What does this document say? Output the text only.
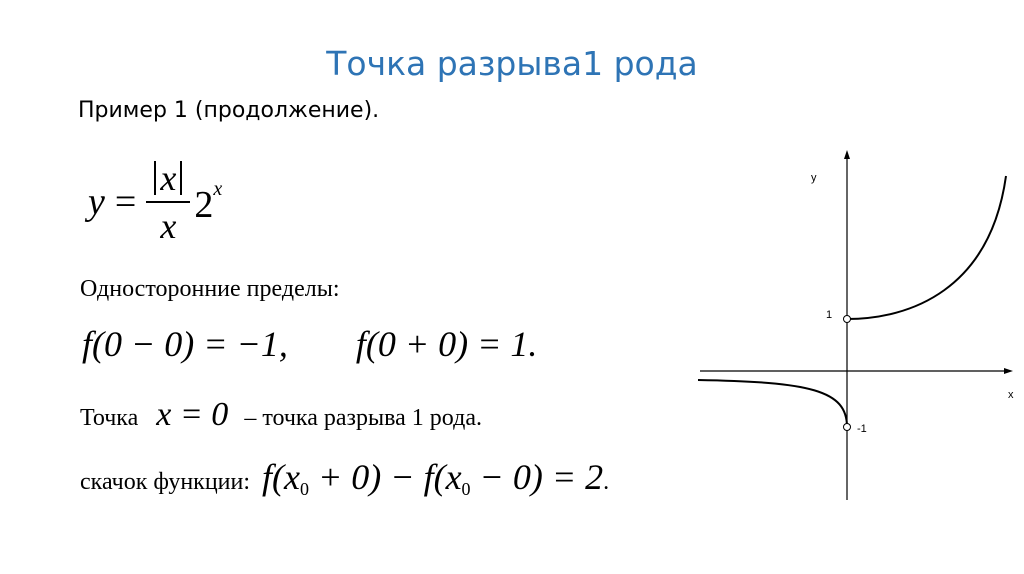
Точка разрыва1 рода
Пример 1 (продолжение).
$y = \frac{x}{x} 2^x$
Односторонние пределы:
f(0 − 0) = −1, f(0 + 0) = 1.
Точка x = 0 – точка разрыва 1 рода.
скачок функции: $f(x_0 + 0) - f(x_0 - 0) = 2$.
y
x
1
-1
